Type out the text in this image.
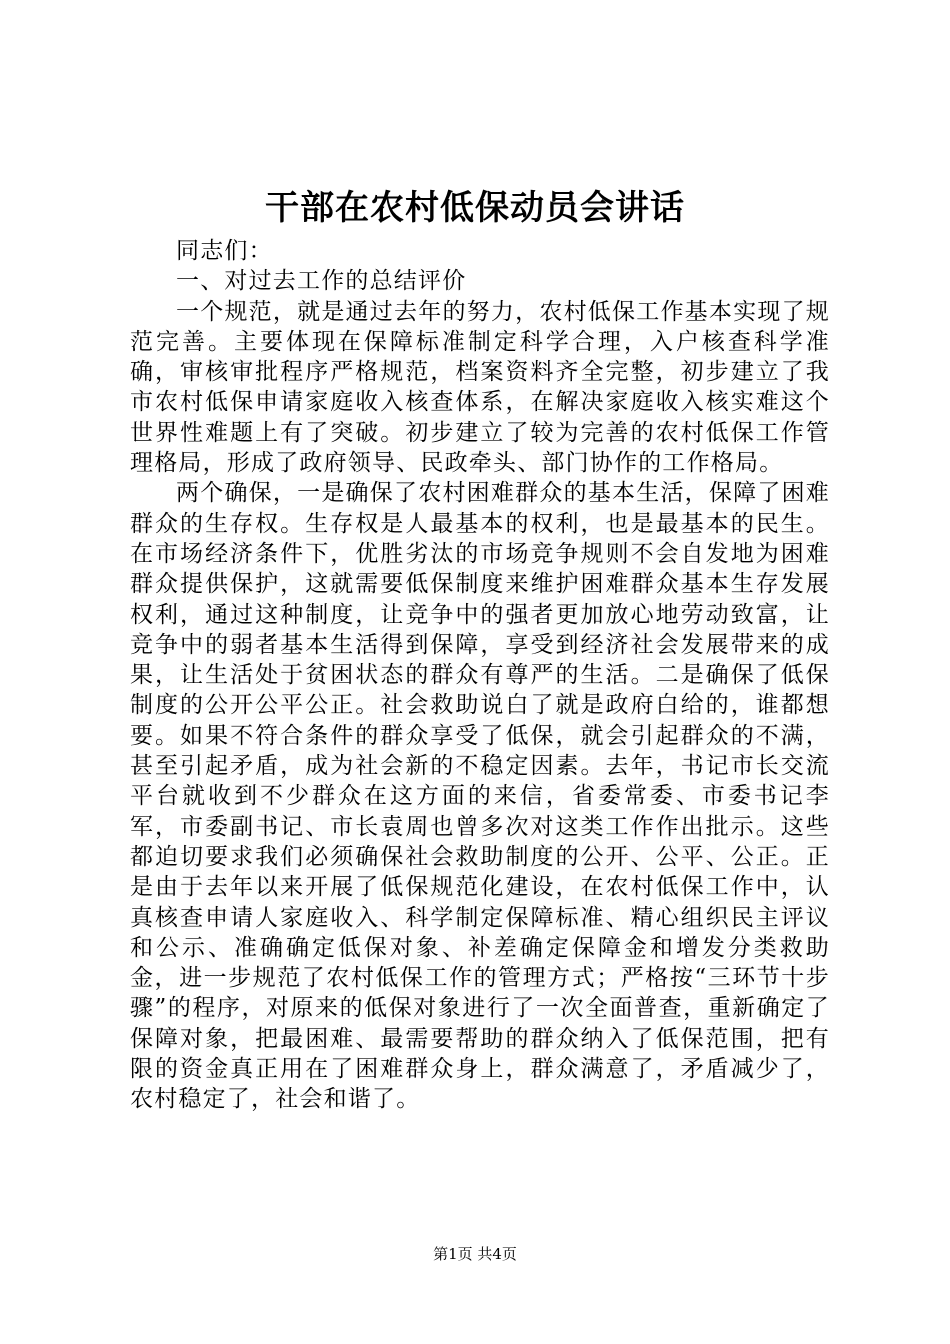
干部在农村低保动员会讲话

同志们：

一、对过去工作的总结评价

一个规范，就是通过去年的努力，农村低保工作基本实现了规范完善。主要体现在保障标准制定科学合理，入户核查科学准确，审核审批程序严格规范，档案资料齐全完整，初步建立了我市农村低保申请家庭收入核查体系，在解决家庭收入核实难这个世界性难题上有了突破。初步建立了较为完善的农村低保工作管理格局，形成了政府领导、民政牵头、部门协作的工作格局。

两个确保，一是确保了农村困难群众的基本生活，保障了困难群众的生存权。生存权是人最基本的权利，也是最基本的民生。在市场经济条件下，优胜劣汰的市场竞争规则不会自发地为困难群众提供保护，这就需要低保制度来维护困难群众基本生存发展权利，通过这种制度，让竞争中的强者更加放心地劳动致富，让竞争中的弱者基本生活得到保障，享受到经济社会发展带来的成果，让生活处于贫困状态的群众有尊严的生活。二是确保了低保制度的公开公平公正。社会救助说白了就是政府白给的，谁都想要。如果不符合条件的群众享受了低保，就会引起群众的不满，甚至引起矛盾，成为社会新的不稳定因素。去年，书记市长交流平台就收到不少群众在这方面的来信，省委常委、市委书记李军，市委副书记、市长袁周也曾多次对这类工作作出批示。这些都迫切要求我们必须确保社会救助制度的公开、公平、公正。正是由于去年以来开展了低保规范化建设，在农村低保工作中，认真核查申请人家庭收入、科学制定保障标准、精心组织民主评议和公示、准确确定低保对象、补差确定保障金和增发分类救助金，进一步规范了农村低保工作的管理方式；严格按“三环节十步骤”的程序，对原来的低保对象进行了一次全面普查，重新确定了保障对象，把最困难、最需要帮助的群众纳入了低保范围，把有限的资金真正用在了困难群众身上，群众满意了，矛盾减少了，农村稳定了，社会和谐了。

第1页 共4页
